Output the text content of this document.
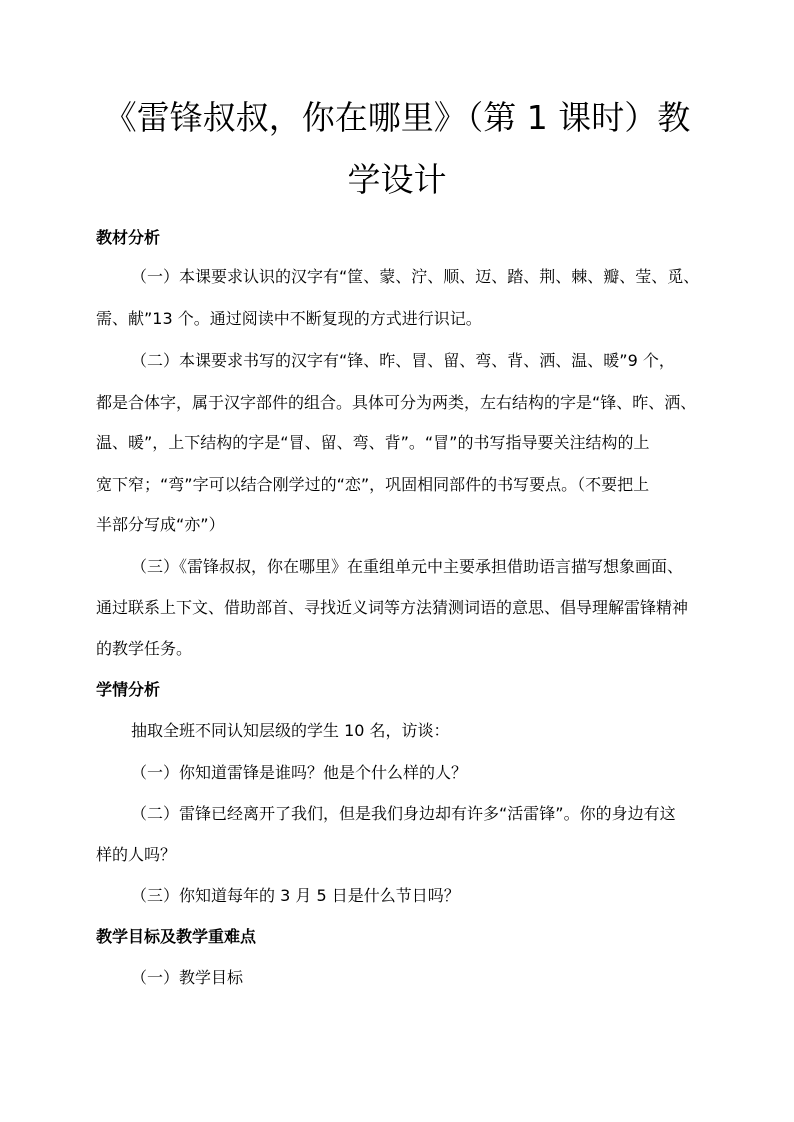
《雷锋叔叔，你在哪里》（第 1 课时）教
学设计

教材分析

（一）本课要求认识的汉字有“筐、蒙、泞、顺、迈、踏、荆、棘、瓣、莹、觅、

需、献”13 个。通过阅读中不断复现的方式进行识记。

（二）本课要求书写的汉字有“锋、昨、冒、留、弯、背、洒、温、暖”9 个，

都是合体字，属于汉字部件的组合。具体可分为两类，左右结构的字是“锋、昨、洒、

温、暖”，上下结构的字是“冒、留、弯、背”。“冒”的书写指导要关注结构的上

宽下窄；“弯”字可以结合刚学过的“恋”，巩固相同部件的书写要点。（不要把上

半部分写成“亦”）

（三）《雷锋叔叔，你在哪里》在重组单元中主要承担借助语言描写想象画面、

通过联系上下文、借助部首、寻找近义词等方法猜测词语的意思、倡导理解雷锋精神

的教学任务。

学情分析

抽取全班不同认知层级的学生 10 名，访谈：

（一）你知道雷锋是谁吗？他是个什么样的人？

（二）雷锋已经离开了我们，但是我们身边却有许多“活雷锋”。你的身边有这

样的人吗？

（三）你知道每年的 3 月 5 日是什么节日吗？

教学目标及教学重难点

（一）教学目标
